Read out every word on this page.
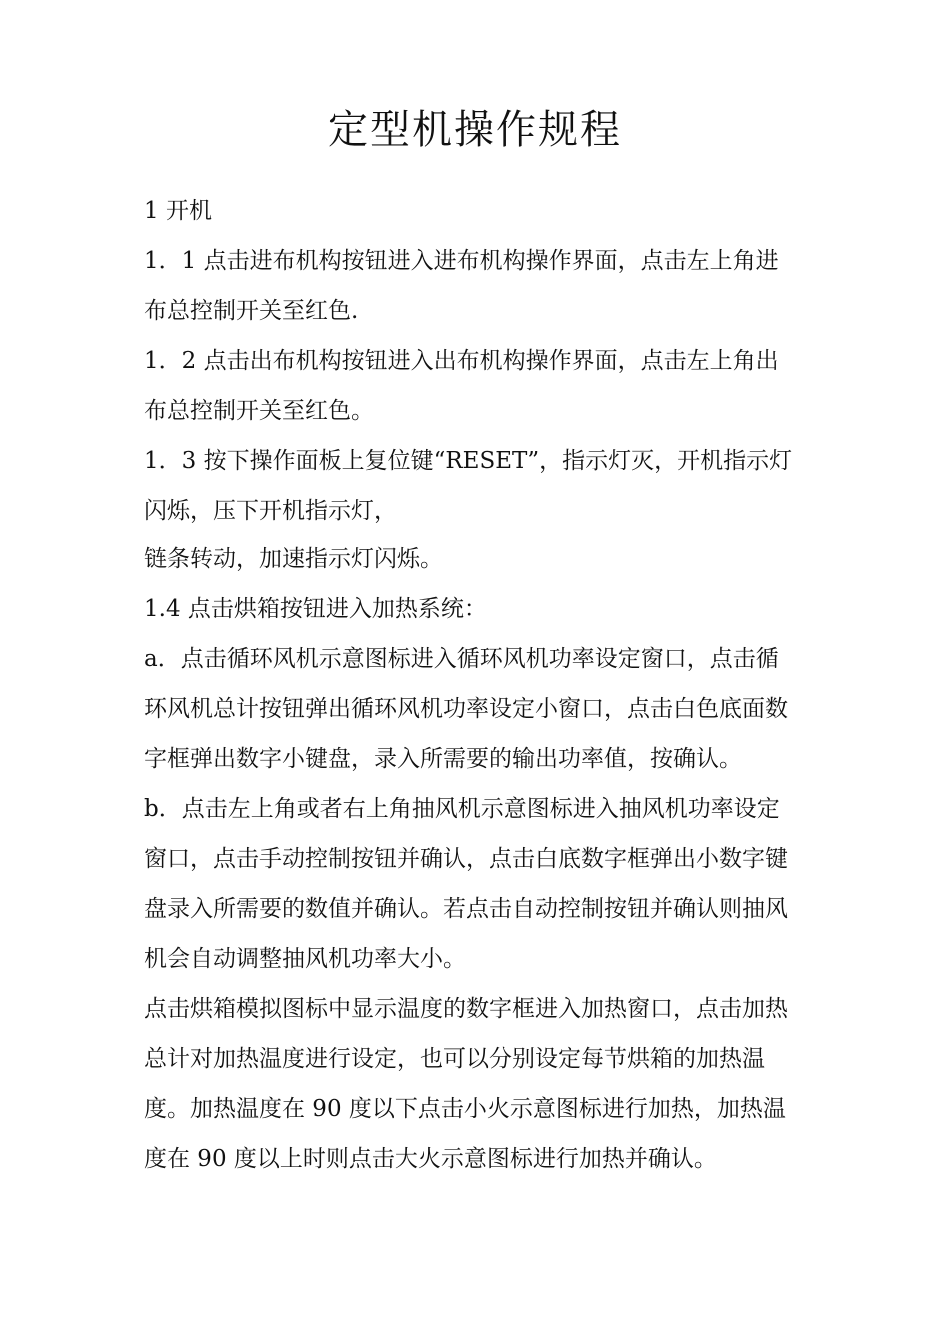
定型机操作规程

1 开机

1．1 点击进布机构按钮进入进布机构操作界面，点击左上角进

布总控制开关至红色.

1．2 点击出布机构按钮进入出布机构操作界面，点击左上角出

布总控制开关至红色。

1．3 按下操作面板上复位键“RESET”，指示灯灭，开机指示灯

闪烁，压下开机指示灯，

链条转动，加速指示灯闪烁。

1.4 点击烘箱按钮进入加热系统：

a．点击循环风机示意图标进入循环风机功率设定窗口，点击循

环风机总计按钮弹出循环风机功率设定小窗口，点击白色底面数

字框弹出数字小键盘，录入所需要的输出功率值，按确认。

b．点击左上角或者右上角抽风机示意图标进入抽风机功率设定

窗口，点击手动控制按钮并确认，点击白底数字框弹出小数字键

盘录入所需要的数值并确认。若点击自动控制按钮并确认则抽风

机会自动调整抽风机功率大小。

点击烘箱模拟图标中显示温度的数字框进入加热窗口，点击加热

总计对加热温度进行设定，也可以分别设定每节烘箱的加热温

度。加热温度在 90 度以下点击小火示意图标进行加热，加热温

度在 90 度以上时则点击大火示意图标进行加热并确认。
